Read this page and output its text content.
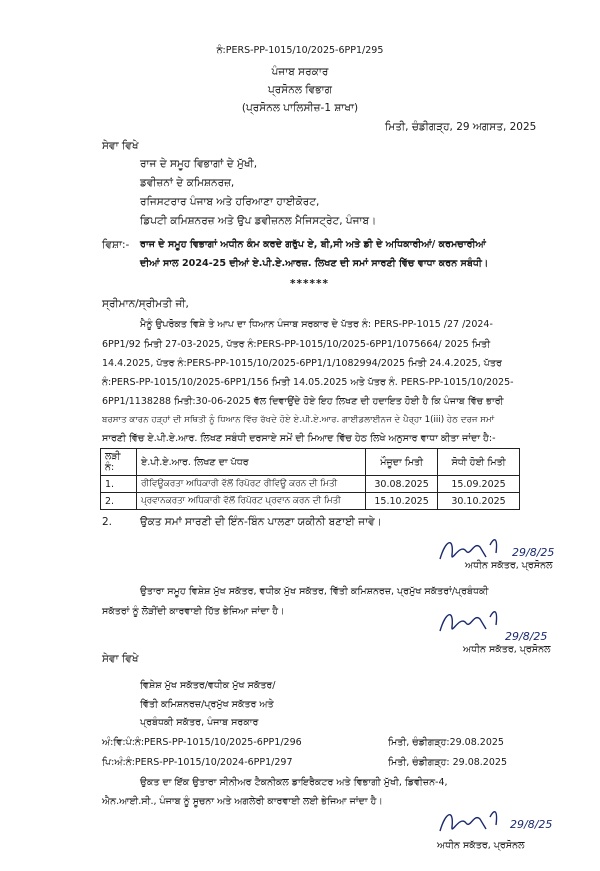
ਨੰ:PERS-PP-1015/10/2025-6PP1/295
ਪੰਜਾਬ ਸਰਕਾਰ
ਪ੍ਰਸੋਨਲ ਵਿਭਾਗ
(ਪ੍ਰਸੋਨਲ ਪਾਲਿਸੀਜ਼-1 ਸ਼ਾਖਾ)
ਮਿਤੀ, ਚੰਡੀਗੜ੍ਹ, 29 ਅਗਸਤ, 2025
ਸੇਵਾ ਵਿਖੇ
ਰਾਜ ਦੇ ਸਮੂਹ ਵਿਭਾਗਾਂ ਦੇ ਮੁੱਖੀ,
ਡਵੀਜ਼ਨਾਂ ਦੇ ਕਮਿਸ਼ਨਰਜ਼,
ਰਜਿਸਟਰਾਰ ਪੰਜਾਬ ਅਤੇ ਹਰਿਆਣਾ ਹਾਈਕੋਰਟ,
ਡਿਪਟੀ ਕਮਿਸ਼ਨਰਜ਼ ਅਤੇ ਉਪ ਡਵੀਜ਼ਨਲ ਮੈਜਿਸਟ੍ਰੇਟ, ਪੰਜਾਬ।
ਵਿਸ਼ਾ:- ਰਾਜ ਦੇ ਸਮੂਹ ਵਿਭਾਗਾਂ ਅਧੀਨ ਕੰਮ ਕਰਦੇ ਗਰੁੱਪ ਏ, ਬੀ,ਸੀ ਅਤੇ ਡੀ ਦੇ ਅਧਿਕਾਰੀਆਂ/ ਕਰਮਚਾਰੀਆਂ
ਦੀਆਂ ਸਾਲ 2024-25 ਦੀਆਂ ਏ.ਪੀ.ਏ.ਆਰਜ਼. ਲਿਖਣ ਦੀ ਸਮਾਂ ਸਾਰਣੀ ਵਿੱਚ ਵਾਧਾ ਕਰਨ ਸਬੰਧੀ।
******
ਸ੍ਰੀਮਾਨ/ਸ੍ਰੀਮਤੀ ਜੀ,
ਮੈਨੂੰ ਉਪਰੋਕਤ ਵਿਸ਼ੇ ਤੇ ਆਪ ਦਾ ਧਿਆਨ ਪੰਜਾਬ ਸਰਕਾਰ ਦੇ ਪੱਤਰ ਨੰ: PERS-PP-1015 /27 /2024-
6PP1/92 ਮਿਤੀ 27-03-2025, ਪੱਤਰ ਨੰ:PERS-PP-1015/10/2025-6PP1/1075664/ 2025 ਮਿਤੀ
14.4.2025, ਪੱਤਰ ਨੰ:PERS-PP-1015/10/2025-6PP1/1/1082994/2025 ਮਿਤੀ 24.4.2025, ਪੱਤਰ
ਨੰ:PERS-PP-1015/10/2025-6PP1/156 ਮਿਤੀ 14.05.2025 ਅਤੇ ਪੱਤਰ ਨੰ. PERS-PP-1015/10/2025-
6PP1/1138288 ਮਿਤੀ:30-06-2025 ਵੱਲ ਦਿਵਾਉਂਦੇ ਹੋਏ ਇਹ ਲਿਖਣ ਦੀ ਹਦਾਇਤ ਹੋਈ ਹੈ ਕਿ ਪੰਜਾਬ ਵਿੱਚ ਭਾਰੀ
ਬਰਸਾਤ ਕਾਰਨ ਹੜ੍ਹਾਂ ਦੀ ਸਥਿਤੀ ਨੂੰ ਧਿਆਨ ਵਿੱਚ ਰੱਖਦੇ ਹੋਏ ਏ.ਪੀ.ਏ.ਆਰ. ਗਾਈਡਲਾਈਨਜ ਦੇ ਪੈਰ੍ਹਾ 1(iii) ਹੇਠ ਦਰਜ ਸਮਾਂ
ਸਾਰਣੀ ਵਿੱਚ ਏ.ਪੀ.ਏ.ਆਰ. ਲਿਖਣ ਸਬੰਧੀ ਦਰਸਾਏ ਸਮੇਂ ਦੀ ਮਿਆਦ ਵਿੱਚ ਹੇਠ ਲਿਖੇ ਅਨੁਸਾਰ ਵਾਧਾ ਕੀਤਾ ਜਾਂਦਾ ਹੈ:-
ਲੜੀ ਨੰ:	ਏ.ਪੀ.ਏ.ਆਰ. ਲਿਖਣ ਦਾ ਪੱਧਰ	ਮੌਜੂਦਾ ਮਿਤੀ	ਸੋਧੀ ਹੋਈ ਮਿਤੀ
1.	ਰੀਵਿਊਕਰਤਾ ਅਧਿਕਾਰੀ ਵੱਲੋਂ ਰਿਪੋਰਟ ਰੀਵਿਊ ਕਰਨ ਦੀ ਮਿਤੀ	30.08.2025	15.09.2025
2.	ਪ੍ਰਵਾਨਕਰਤਾ ਅਧਿਕਾਰੀ ਵੱਲੋਂ ਰਿਪੋਰਟ ਪ੍ਰਵਾਨ ਕਰਨ ਦੀ ਮਿਤੀ	15.10.2025	30.10.2025
2.	ਉਕਤ ਸਮਾਂ ਸਾਰਣੀ ਦੀ ਇੰਨ-ਬਿੰਨ ਪਾਲਣਾ ਯਕੀਨੀ ਬਣਾਈ ਜਾਵੇ।
29/8/25
ਅਧੀਨ ਸਕੱਤਰ, ਪ੍ਰਸੋਨਲ
ਉਤਾਰਾ ਸਮੂਹ ਵਿਸ਼ੇਸ਼ ਮੁੱਖ ਸਕੱਤਰ, ਵਧੀਕ ਮੁੱਖ ਸਕੱਤਰ, ਵਿੱਤੀ ਕਮਿਸ਼ਨਰਜ਼, ਪ੍ਰਮੁੱਖ ਸਕੱਤਰਾਂ/ਪ੍ਰਬੰਧਕੀ
ਸਕੱਤਰਾਂ ਨੂੰ ਲੋੜੀਂਦੀ ਕਾਰਵਾਈ ਹਿੱਤ ਭੇਜਿਆ ਜਾਂਦਾ ਹੈ।
29/8/25
ਅਧੀਨ ਸਕੱਤਰ, ਪ੍ਰਸੋਨਲ
ਸੇਵਾ ਵਿਖੇ
ਵਿਸ਼ੇਸ਼ ਮੁੱਖ ਸਕੱਤਰ/ਵਧੀਕ ਮੁੱਖ ਸਕੱਤਰ/
ਵਿੱਤੀ ਕਮਿਸ਼ਨਰਜ਼/ਪ੍ਰਮੁੱਖ ਸਕੱਤਰ ਅਤੇ
ਪ੍ਰਬੰਧਕੀ ਸਕੱਤਰ, ਪੰਜਾਬ ਸਰਕਾਰ
ਅੰ:ਵਿ:ਪੰ:ਨੰ:PERS-PP-1015/10/2025-6PP1/296	ਮਿਤੀ, ਚੰਡੀਗੜ੍ਹ:29.08.2025
ਪਿ:ਅੰ:ਨੰ:PERS-PP-1015/10/2024-6PP1/297	ਮਿਤੀ, ਚੰਡੀਗੜ੍ਹ: 29.08.2025
ਉਕਤ ਦਾ ਇੱਕ ਉਤਾਰਾ ਸੀਨੀਅਰ ਟੈਕਨੀਕਲ ਡਾਇਰੈਕਟਰ ਅਤੇ ਵਿਭਾਗੀ ਮੁੱਖੀ, ਡਿਵੀਜ਼ਨ-4,
ਐਨ.ਆਈ.ਸੀ., ਪੰਜਾਬ ਨੂੰ ਸੂਚਨਾ ਅਤੇ ਅਗਲੇਰੀ ਕਾਰਵਾਈ ਲਈ ਭੇਜਿਆ ਜਾਂਦਾ ਹੈ।
29/8/25
ਅਧੀਨ ਸਕੱਤਰ, ਪ੍ਰਸੋਨਲ
